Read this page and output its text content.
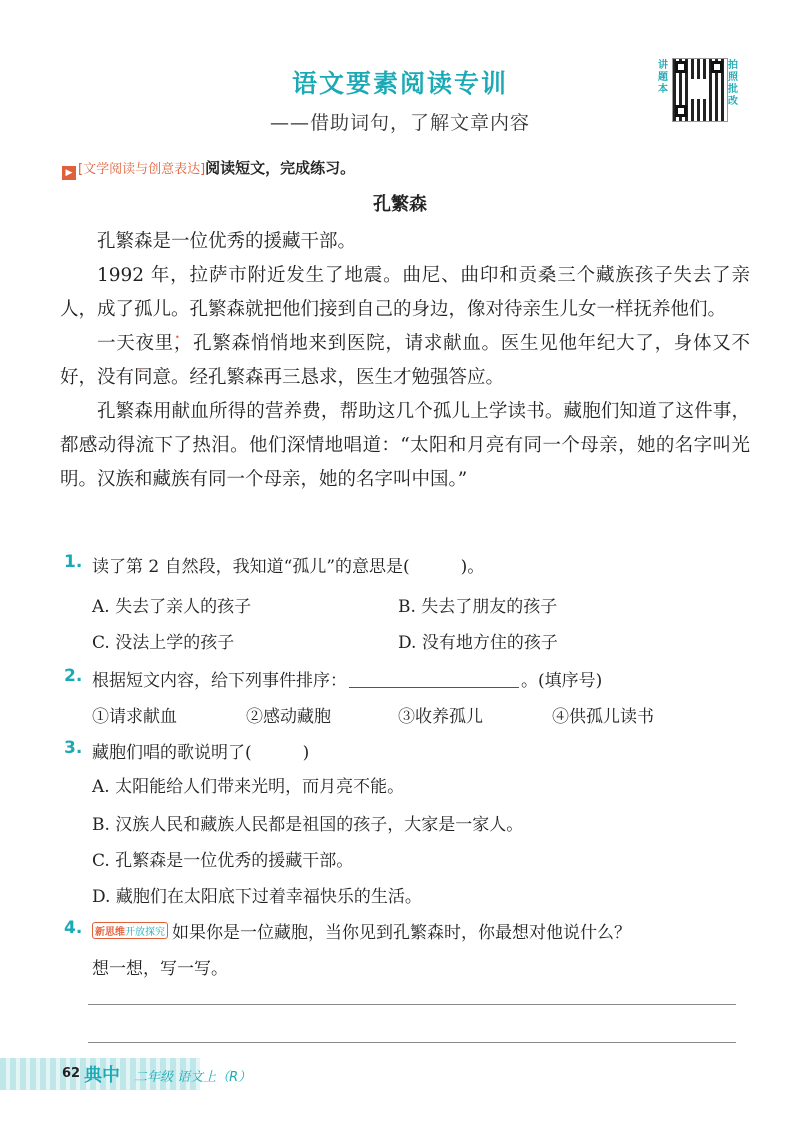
语文要素阅读专训
——借助词句，了解文章内容
讲题本
拍照批改
▶ [文学阅读与创意表达]阅读短文，完成练习。
孔繁森

孔繁森是一位优秀的援藏干部。

1992 年，拉萨市附近发生了地震。曲尼、曲印和贡桑三个藏族孩子失去了亲人，成了孤儿 • •。孔繁森就把他们接到自己的身边，像对待亲生儿女一样抚养他们。

一天夜里，孔繁森悄悄地来到医院，请求献血。医生见他年纪大了，身体又不好，没有同意。经孔繁森再三恳求，医生才勉强答应。

孔繁森用献血所得的营养费，帮助这几个孤儿上学读书。藏胞们知道了这件事，都感动得流下了热泪。他们深情地唱道：“太阳和月亮有同一个母亲，她的名字叫光明。汉族和藏族有同一个母亲，她的名字叫中国。”

1. 读了第 2 自然段，我知道“孤儿”的意思是(　　　)。
A. 失去了亲人的孩子	B. 失去了朋友的孩子
C. 没法上学的孩子	D. 没有地方住的孩子
2. 根据短文内容，给下列事件排序：	。(填序号)
①请求献血	②感动藏胞	③收养孤儿	④供孤儿读书
3. 藏胞们唱的歌说明了(　　　)
A. 太阳能给人们带来光明，而月亮不能。
B. 汉族人民和藏族人民都是祖国的孩子，大家是一家人。
C. 孔繁森是一位优秀的援藏干部。
D. 藏胞们在太阳底下过着幸福快乐的生活。
4.	新思维开放探究 如果你是一位藏胞，当你见到孔繁森时，你最想对他说什么？
想一想，写一写。
62 典中 二年级 语文上（R）
